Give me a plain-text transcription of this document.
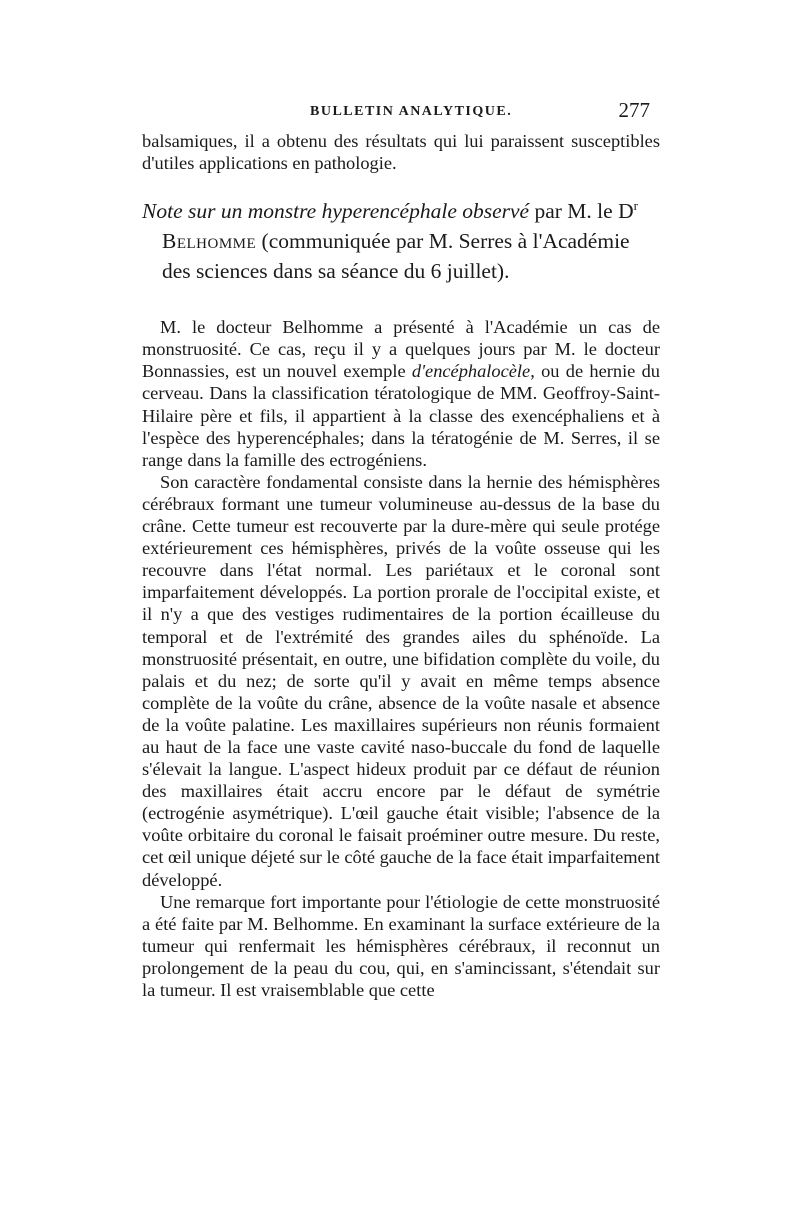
BULLETIN ANALYTIQUE.	277

balsamiques, il a obtenu des résultats qui lui paraissent susceptibles d'utiles applications en pathologie.

Note sur un monstre hyperencéphale observé par M. le $D^r$ Belhomme (communiquée par M. Serres à l'Académie des sciences dans sa séance du 6 juillet).

M. le docteur Belhomme a présenté à l'Académie un cas de monstruosité. Ce cas, reçu il y a quelques jours par M. le docteur Bonnassies, est un nouvel exemple d'encéphalocèle, ou de hernie du cerveau. Dans la classification tératologique de MM. Geoffroy-Saint-Hilaire père et fils, il appartient à la classe des exencéphaliens et à l'espèce des hyperencéphales; dans la tératogénie de M. Serres, il se range dans la famille des ectrogéniens.

Son caractère fondamental consiste dans la hernie des hémisphères cérébraux formant une tumeur volumineuse au-dessus de la base du crâne. Cette tumeur est recouverte par la dure-mère qui seule protége extérieurement ces hémisphères, privés de la voûte osseuse qui les recouvre dans l'état normal. Les pariétaux et le coronal sont imparfaitement développés. La portion prorale de l'occipital existe, et il n'y a que des vestiges rudimentaires de la portion écailleuse du temporal et de l'extrémité des grandes ailes du sphénoïde. La monstruosité présentait, en outre, une bifidation complète du voile, du palais et du nez; de sorte qu'il y avait en même temps absence complète de la voûte du crâne, absence de la voûte nasale et absence de la voûte palatine. Les maxillaires supérieurs non réunis formaient au haut de la face une vaste cavité naso-buccale du fond de laquelle s'élevait la langue. L'aspect hideux produit par ce défaut de réunion des maxillaires était accru encore par le défaut de symétrie (ectrogénie asymétrique). L'œil gauche était visible; l'absence de la voûte orbitaire du coronal le faisait proéminer outre mesure. Du reste, cet œil unique déjeté sur le côté gauche de la face était imparfaitement développé.

Une remarque fort importante pour l'étiologie de cette monstruosité a été faite par M. Belhomme. En examinant la surface extérieure de la tumeur qui renfermait les hémisphères cérébraux, il reconnut un prolongement de la peau du cou, qui, en s'amincissant, s'étendait sur la tumeur. Il est vraisemblable que cette
